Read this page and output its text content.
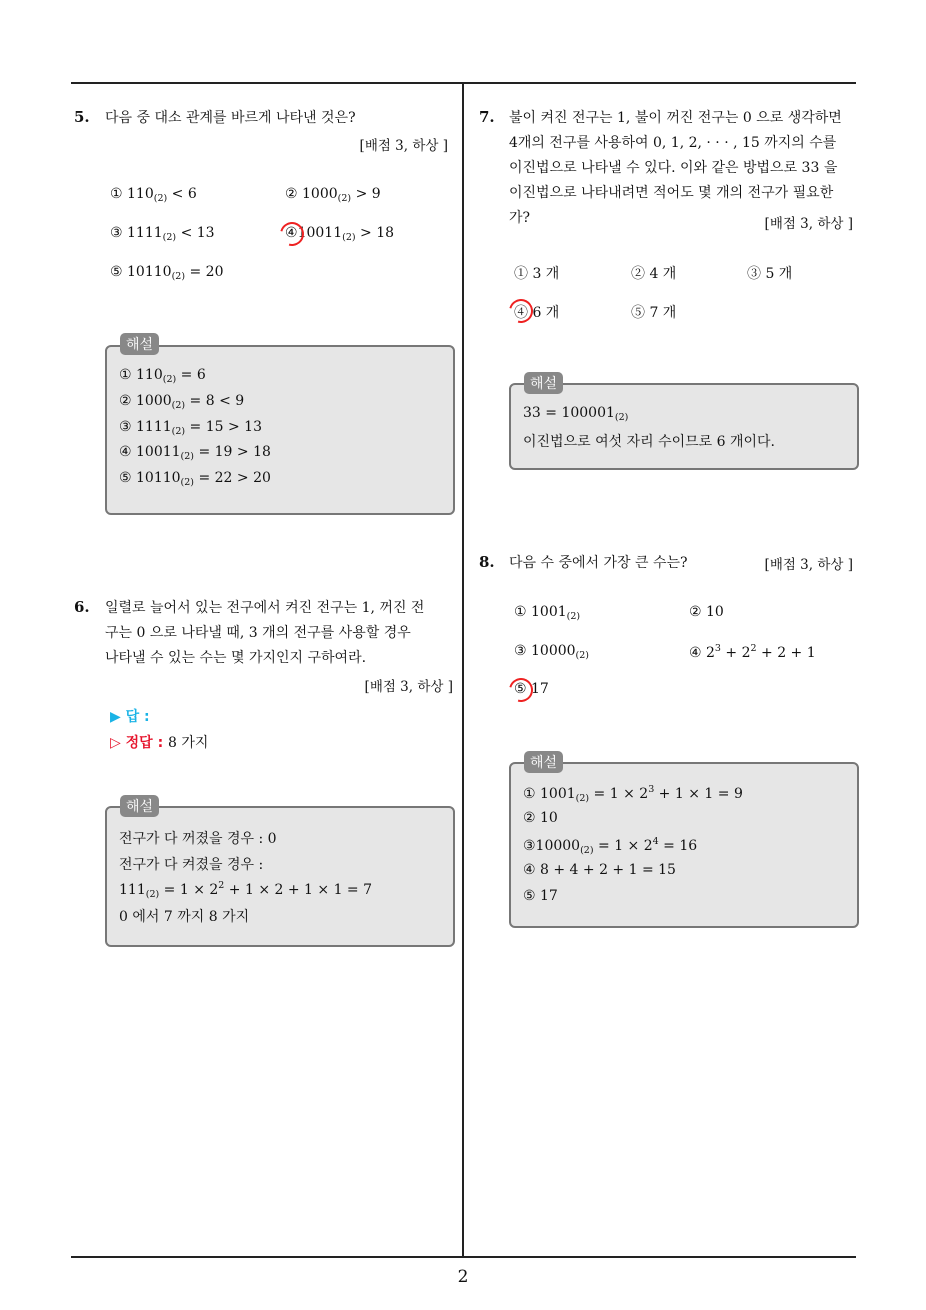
2
5. 다음 중 대소 관계를 바르게 나타낸 것은?
[배점 3, 하상 ]
① $110_{(2)} < 6$	② $1000_{(2)} > 9$
③ $1111_{(2)} < 13$	$④10011_{(2)} > 18$
⑤ $10110_{(2)} = 20$
① $110_{(2)} = 6$
② $1000_{(2)} = 8 < 9$
③ $1111_{(2)} = 15 > 13$
④ $10011_{(2)} = 19 > 18$
⑤ $10110_{(2)} = 22 > 20$
해설
6. 일렬로 늘어서 있는 전구에서 켜진 전구는 1, 꺼진 전
구는 0 으로 나타낼 때, 3 개의 전구를 사용할 경우
나타낼 수 있는 수는 몇 가지인지 구하여라.
[배점 3, 하상 ]
▶ 답 :
▷ 정답 : 8 가지
전구가 다 꺼졌을 경우 : 0
전구가 다 켜졌을 경우 :
$111_{(2)} = 1 \times 2^2 + 1 \times 2 + 1 \times 1 = 7$
0 에서 7 까지 8 가지
해설
7. 불이 켜진 전구는 1, 불이 꺼진 전구는 0 으로 생각하면
4개의 전구를 사용하여 0, 1, 2, · · · , 15 까지의 수를
이진법으로 나타낼 수 있다. 이와 같은 방법으로 33 을
이진법으로 나타내려면 적어도 몇 개의 전구가 필요한
가?	[배점 3, 하상 ]
① 3 개	② 4 개	③ 5 개
④ 6 개	⑤ 7 개
$33 = 100001_{(2)}$
이진법으로 여섯 자리 수이므로 6 개이다.
해설
8. 다음 수 중에서 가장 큰 수는?	[배점 3, 하상 ]
① $1001_{(2)}$	② 10
③ $10000_{(2)}$	④ $2^3 + 2^2 + 2 + 1$
⑤ 17
① $1001_{(2)} = 1 \times 2^3 + 1 \times 1 = 9$
② 10
$③10000_{(2)} = 1 \times 2^4 = 16$
④ 8 + 4 + 2 + 1 = 15
⑤ 17
해설
